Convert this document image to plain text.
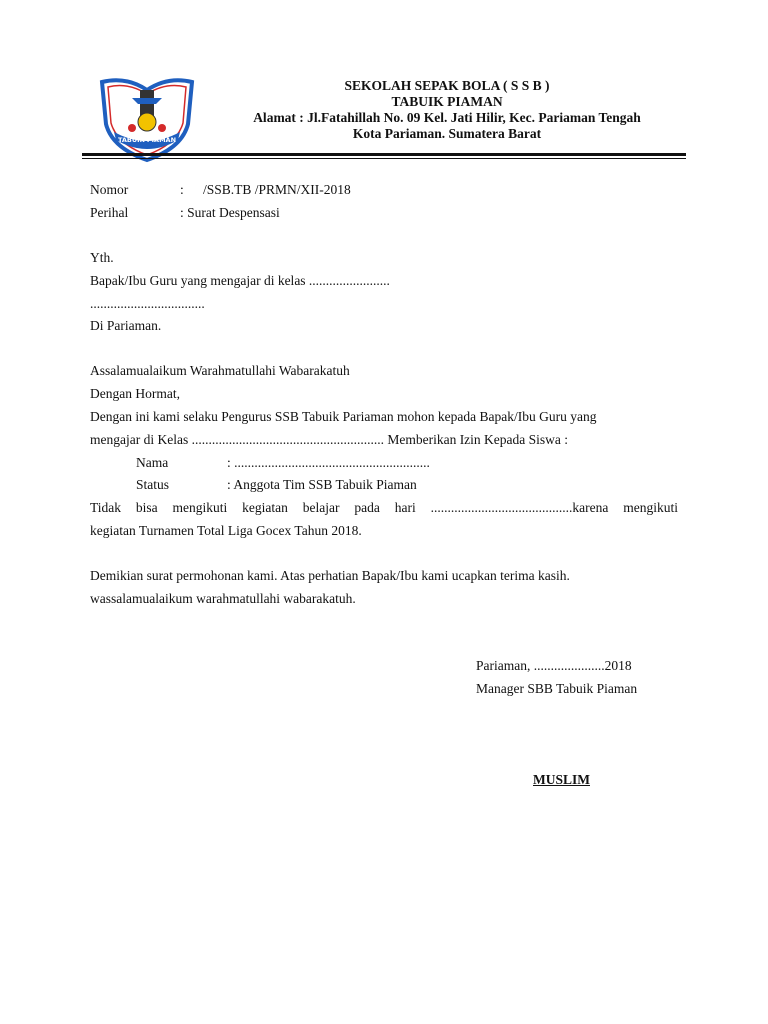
TABUIK PIAMAN
SEKOLAH SEPAK BOLA ( S S B )
TABUIK PIAMAN
Alamat : Jl.Fatahillah No. 09 Kel. Jati Hilir, Kec. Pariaman Tengah
Kota Pariaman. Sumatera Barat
Nomor	: /SSB.TB /PRMN/XII-2018
Perihal	: Surat Despensasi
Yth.
Bapak/Ibu Guru yang mengajar di kelas ........................
..................................
Di Pariaman.
Assalamualaikum Warahmatullahi Wabarakatuh
Dengan Hormat,
Dengan ini kami selaku Pengurus SSB Tabuik Pariaman mohon kepada Bapak/Ibu Guru yang
mengajar di Kelas ......................................................... Memberikan Izin Kepada Siswa :
Nama	: ..........................................................
Status	: Anggota Tim SSB Tabuik Piaman
Tidak bisa mengikuti kegiatan belajar pada hari ..........................................karena mengikuti
kegiatan Turnamen Total Liga Gocex Tahun 2018.
Demikian surat permohonan kami. Atas perhatian Bapak/Ibu kami ucapkan terima kasih.
wassalamualaikum warahmatullahi wabarakatuh.
Pariaman, .....................2018
Manager SBB Tabuik Piaman
MUSLIM
